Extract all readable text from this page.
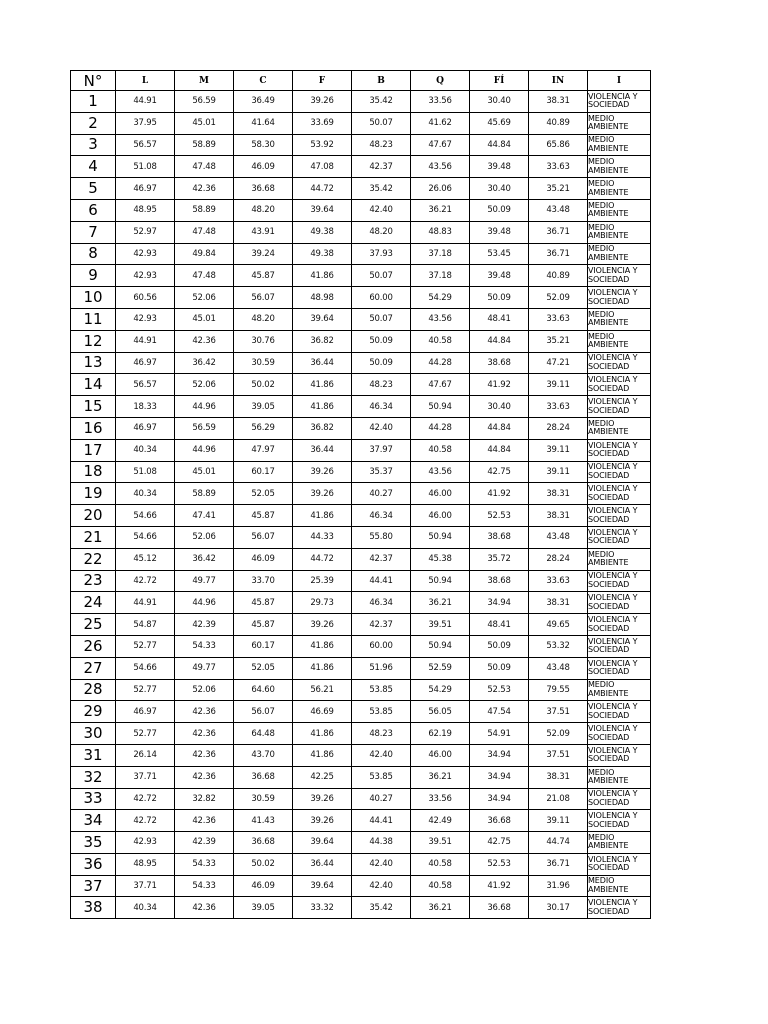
N°	L	M	C	F	B	Q	FÍ	IN	I
1	44.91	56.59	36.49	39.26	35.42	33.56	30.40	38.31	VIOLENCIA Y
SOCIEDAD
2	37.95	45.01	41.64	33.69	50.07	41.62	45.69	40.89	MEDIO
AMBIENTE
3	56.57	58.89	58.30	53.92	48.23	47.67	44.84	65.86	MEDIO
AMBIENTE
4	51.08	47.48	46.09	47.08	42.37	43.56	39.48	33.63	MEDIO
AMBIENTE
5	46.97	42.36	36.68	44.72	35.42	26.06	30.40	35.21	MEDIO
AMBIENTE
6	48.95	58.89	48.20	39.64	42.40	36.21	50.09	43.48	MEDIO
AMBIENTE
7	52.97	47.48	43.91	49.38	48.20	48.83	39.48	36.71	MEDIO
AMBIENTE
8	42.93	49.84	39.24	49.38	37.93	37.18	53.45	36.71	MEDIO
AMBIENTE
9	42.93	47.48	45.87	41.86	50.07	37.18	39.48	40.89	VIOLENCIA Y
SOCIEDAD
10	60.56	52.06	56.07	48.98	60.00	54.29	50.09	52.09	VIOLENCIA Y
SOCIEDAD
11	42.93	45.01	48.20	39.64	50.07	43.56	48.41	33.63	MEDIO
AMBIENTE
12	44.91	42.36	30.76	36.82	50.09	40.58	44.84	35.21	MEDIO
AMBIENTE
13	46.97	36.42	30.59	36.44	50.09	44.28	38.68	47.21	VIOLENCIA Y
SOCIEDAD
14	56.57	52.06	50.02	41.86	48.23	47.67	41.92	39.11	VIOLENCIA Y
SOCIEDAD
15	18.33	44.96	39.05	41.86	46.34	50.94	30.40	33.63	VIOLENCIA Y
SOCIEDAD
16	46.97	56.59	56.29	36.82	42.40	44.28	44.84	28.24	MEDIO
AMBIENTE
17	40.34	44.96	47.97	36.44	37.97	40.58	44.84	39.11	VIOLENCIA Y
SOCIEDAD
18	51.08	45.01	60.17	39.26	35.37	43.56	42.75	39.11	VIOLENCIA Y
SOCIEDAD
19	40.34	58.89	52.05	39.26	40.27	46.00	41.92	38.31	VIOLENCIA Y
SOCIEDAD
20	54.66	47.41	45.87	41.86	46.34	46.00	52.53	38.31	VIOLENCIA Y
SOCIEDAD
21	54.66	52.06	56.07	44.33	55.80	50.94	38.68	43.48	VIOLENCIA Y
SOCIEDAD
22	45.12	36.42	46.09	44.72	42.37	45.38	35.72	28.24	MEDIO
AMBIENTE
23	42.72	49.77	33.70	25.39	44.41	50.94	38.68	33.63	VIOLENCIA Y
SOCIEDAD
24	44.91	44.96	45.87	29.73	46.34	36.21	34.94	38.31	VIOLENCIA Y
SOCIEDAD
25	54.87	42.39	45.87	39.26	42.37	39.51	48.41	49.65	VIOLENCIA Y
SOCIEDAD
26	52.77	54.33	60.17	41.86	60.00	50.94	50.09	53.32	VIOLENCIA Y
SOCIEDAD
27	54.66	49.77	52.05	41.86	51.96	52.59	50.09	43.48	VIOLENCIA Y
SOCIEDAD
28	52.77	52.06	64.60	56.21	53.85	54.29	52.53	79.55	MEDIO
AMBIENTE
29	46.97	42.36	56.07	46.69	53.85	56.05	47.54	37.51	VIOLENCIA Y
SOCIEDAD
30	52.77	42.36	64.48	41.86	48.23	62.19	54.91	52.09	VIOLENCIA Y
SOCIEDAD
31	26.14	42.36	43.70	41.86	42.40	46.00	34.94	37.51	VIOLENCIA Y
SOCIEDAD
32	37.71	42.36	36.68	42.25	53.85	36.21	34.94	38.31	MEDIO
AMBIENTE
33	42.72	32.82	30.59	39.26	40.27	33.56	34.94	21.08	VIOLENCIA Y
SOCIEDAD
34	42.72	42.36	41.43	39.26	44.41	42.49	36.68	39.11	VIOLENCIA Y
SOCIEDAD
35	42.93	42.39	36.68	39.64	44.38	39.51	42.75	44.74	MEDIO
AMBIENTE
36	48.95	54.33	50.02	36.44	42.40	40.58	52.53	36.71	VIOLENCIA Y
SOCIEDAD
37	37.71	54.33	46.09	39.64	42.40	40.58	41.92	31.96	MEDIO
AMBIENTE
38	40.34	42.36	39.05	33.32	35.42	36.21	36.68	30.17	VIOLENCIA Y
SOCIEDAD
